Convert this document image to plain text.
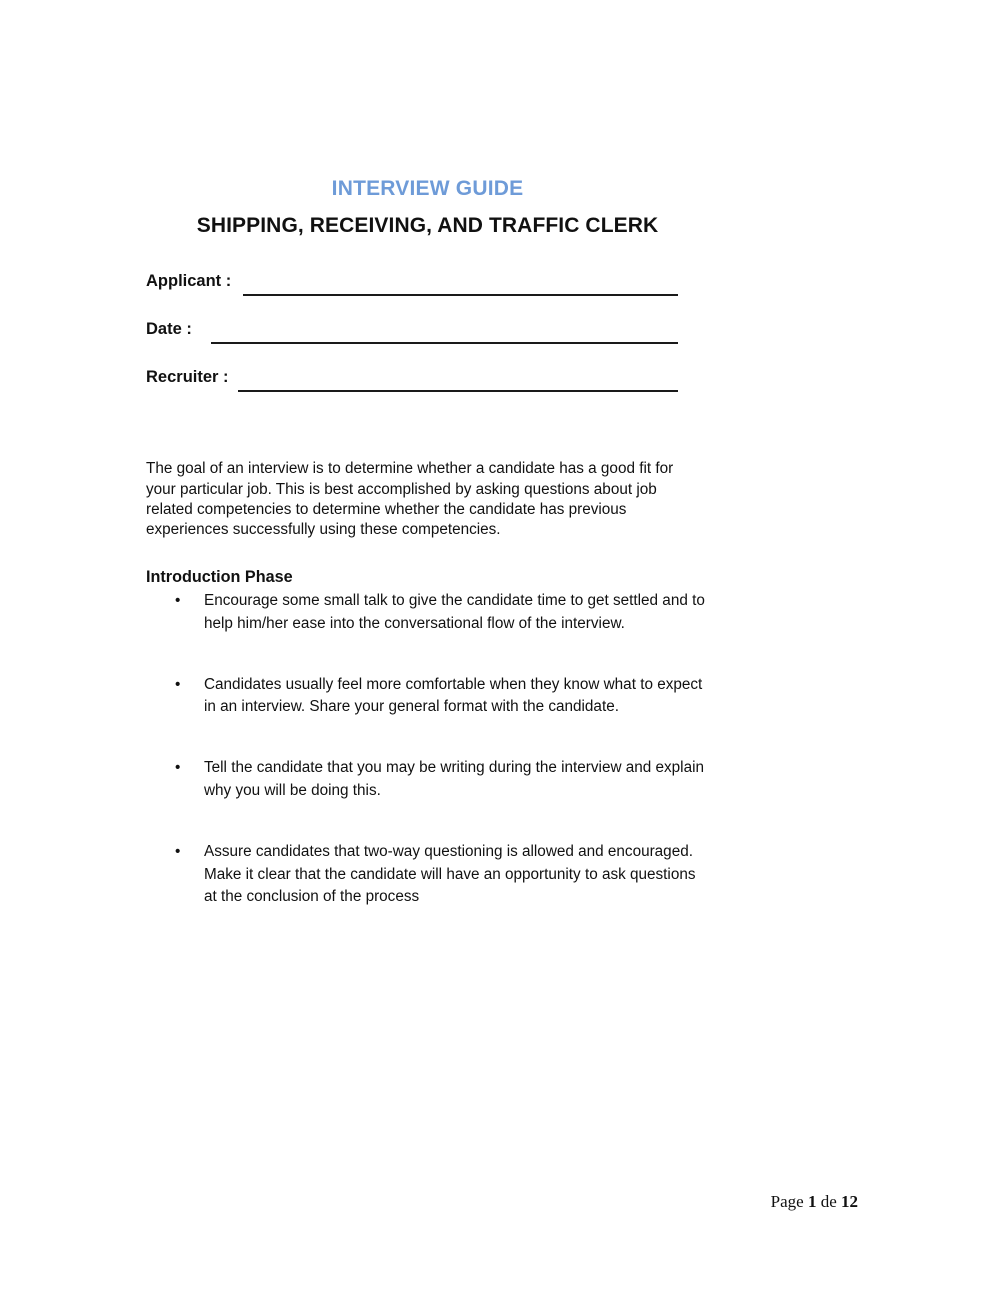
INTERVIEW GUIDE
SHIPPING, RECEIVING, AND TRAFFIC CLERK
Applicant :
Date :
Recruiter :

The goal of an interview is to determine whether a candidate has a good fit for your particular job. This is best accomplished by asking questions about job related competencies to determine whether the candidate has previous experiences successfully using these competencies.

Introduction Phase
• Encourage some small talk to give the candidate time to get settled and to help him/her ease into the conversational flow of the interview.
• Candidates usually feel more comfortable when they know what to expect in an interview. Share your general format with the candidate.
• Tell the candidate that you may be writing during the interview and explain why you will be doing this.
• Assure candidates that two-way questioning is allowed and encouraged. Make it clear that the candidate will have an opportunity to ask questions at the conclusion of the process
Page 1 de 12
